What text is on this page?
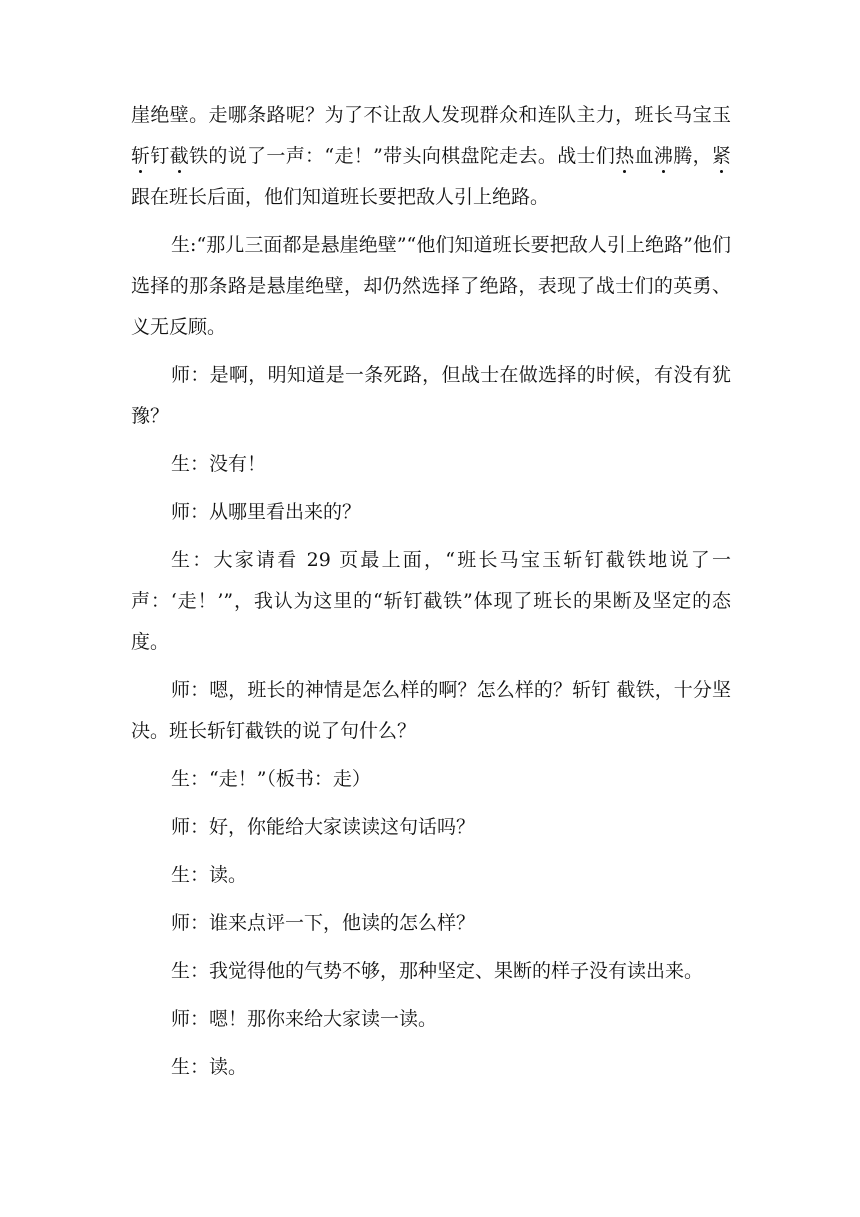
崖绝壁。走哪条路呢？为了不让敌人发现群众和连队主力，班长马宝玉斩钉截铁的说了一声：“走！”带头向棋盘陀走去。战士们热血沸腾，紧跟在班长后面，他们知道班长要把敌人引上绝路。

生:“那儿三面都是悬崖绝壁”“他们知道班长要把敌人引上绝路”他们选择的那条路是悬崖绝壁，却仍然选择了绝路，表现了战士们的英勇、义无反顾。

师：是啊，明知道是一条死路，但战士在做选择的时候，有没有犹豫？

生：没有！

师：从哪里看出来的？

生：大家请看 29 页最上面，“班长马宝玉斩钉截铁地说了一声：‘走！’”，我认为这里的“斩钉截铁”体现了班长的果断及坚定的态度。

师：嗯，班长的神情是怎么样的啊？怎么样的？斩钉 截铁，十分坚决。班长斩钉截铁的说了句什么？

生：“走！”（板书：走）

师：好，你能给大家读读这句话吗？

生：读。

师：谁来点评一下，他读的怎么样？

生：我觉得他的气势不够，那种坚定、果断的样子没有读出来。

师：嗯！那你来给大家读一读。

生：读。
